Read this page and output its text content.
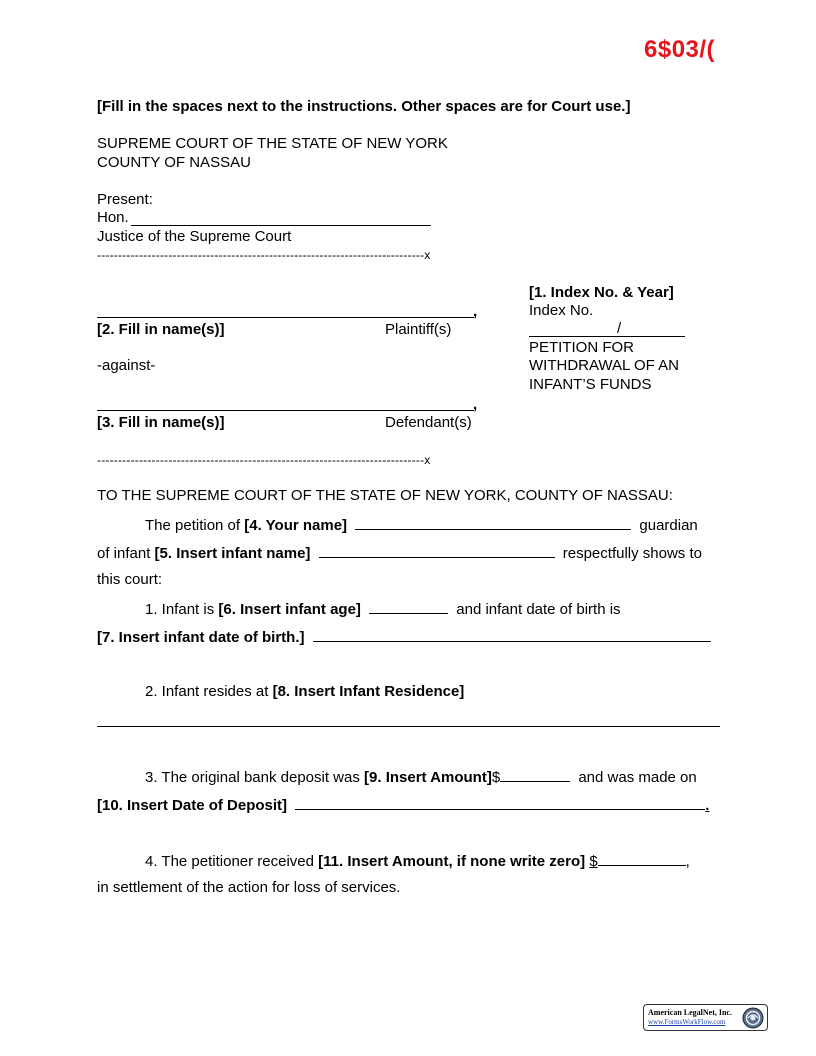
6$03/(
[Fill in the spaces next to the instructions. Other spaces are for Court use.]
SUPREME COURT OF THE STATE OF NEW YORK
COUNTY OF NASSAU
Present:
Hon.
Justice of the Supreme Court
------------------------------------------------------------------------------x
,
[2. Fill in name(s)]	Plaintiff(s)
-against-
,
[3. Fill in name(s)]	Defendant(s)
[1. Index No. & Year]
Index No.
/
PETITION FOR
WITHDRAWAL OF AN
INFANT’S FUNDS
------------------------------------------------------------------------------x
TO THE SUPREME COURT OF THE STATE OF NEW YORK, COUNTY OF NASSAU:
The petition of [4. Your name]	guardian
of infant [5. Insert infant name]	respectfully shows to
this court:
1. Infant is [6. Insert infant age]	and infant date of birth is
[7. Insert infant date of birth.]
2. Infant resides at [8. Insert Infant Residence]
3. The original bank deposit was [9. Insert Amount]$	and was made on
[10. Insert Date of Deposit]	.
4. The petitioner received [11. Insert Amount, if none write zero] $	,
in settlement of the action for loss of services.
American LegalNet, Inc.
www.FormsWorkFlow.com
